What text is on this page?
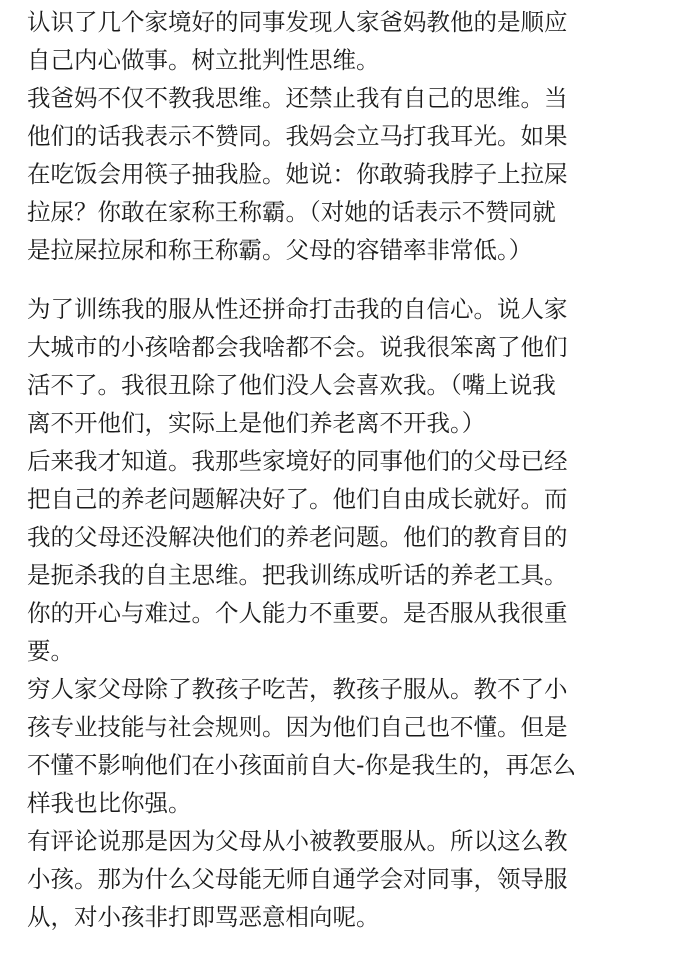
认识了几个家境好的同事发现人家爸妈教他的是顺应
自己内心做事。树立批判性思维。

我爸妈不仅不教我思维。还禁止我有自己的思维。当
他们的话我表示不赞同。我妈会立马打我耳光。如果
在吃饭会用筷子抽我脸。她说：你敢骑我脖子上拉屎
拉尿？你敢在家称王称霸。（对她的话表示不赞同就
是拉屎拉尿和称王称霸。父母的容错率非常低。）

为了训练我的服从性还拼命打击我的自信心。说人家
大城市的小孩啥都会我啥都不会。说我很笨离了他们
活不了。我很丑除了他们没人会喜欢我。（嘴上说我
离不开他们，实际上是他们养老离不开我。）

后来我才知道。我那些家境好的同事他们的父母已经
把自己的养老问题解决好了。他们自由成长就好。而
我的父母还没解决他们的养老问题。他们的教育目的
是扼杀我的自主思维。把我训练成听话的养老工具。
你的开心与难过。个人能力不重要。是否服从我很重
要。

穷人家父母除了教孩子吃苦，教孩子服从。教不了小
孩专业技能与社会规则。因为他们自己也不懂。但是
不懂不影响他们在小孩面前自大-你是我生的，再怎么
样我也比你强。

有评论说那是因为父母从小被教要服从。所以这么教
小孩。那为什么父母能无师自通学会对同事，领导服
从，对小孩非打即骂恶意相向呢。
